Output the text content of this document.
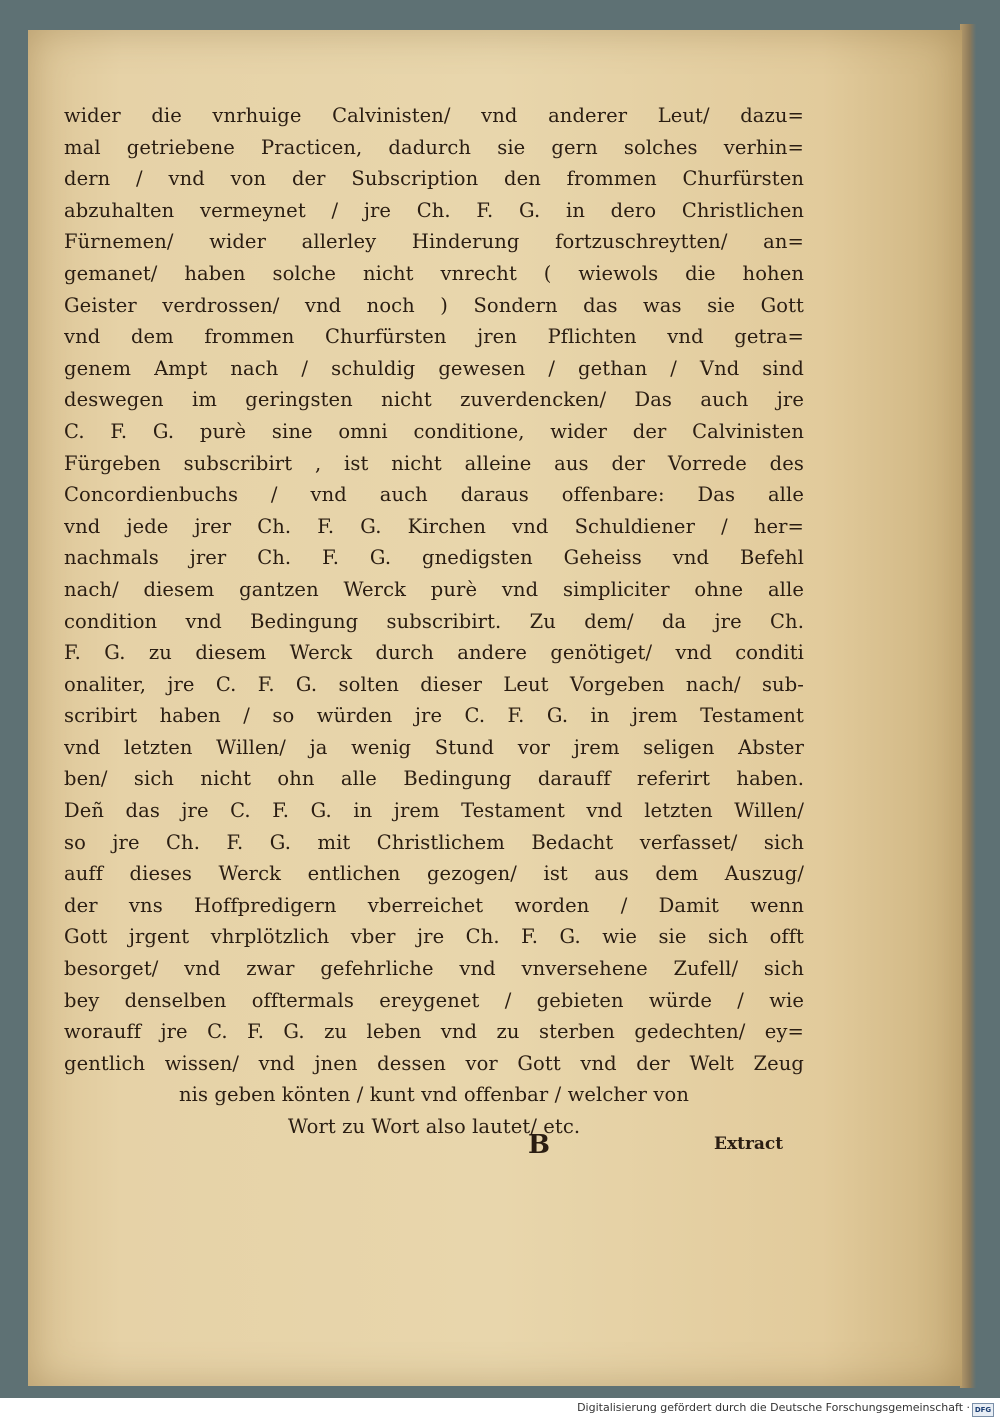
wider die vnrhuige Calvinisten/ vnd anderer Leut/ dazu=
mal getriebene Practicen, dadurch sie gern solches verhin=
dern / vnd von der Subscription den frommen Churfürsten
abzuhalten vermeynet / jre Ch. F. G. in dero Christlichen
Fürnemen/ wider allerley Hinderung fortzuschreytten/ an=
gemanet/ haben solche nicht vnrecht ( wiewols die hohen
Geister verdrossen/ vnd noch ) Sondern das was sie Gott
vnd dem frommen Churfürsten jren Pflichten vnd getra=
genem Ampt nach / schuldig gewesen / gethan / Vnd sind
deswegen im geringsten nicht zuverdencken/ Das auch jre
C. F. G. purè sine omni conditione, wider der Calvinisten
Fürgeben subscribirt , ist nicht alleine aus der Vorrede des
Concordienbuchs / vnd auch daraus offenbare: Das alle
vnd jede jrer Ch. F. G. Kirchen vnd Schuldiener / her=
nachmals jrer Ch. F. G. gnedigsten Geheiss vnd Befehl
nach/ diesem gantzen Werck purè vnd simpliciter ohne alle
condition vnd Bedingung subscribirt. Zu dem/ da jre Ch.
F. G. zu diesem Werck durch andere genötiget/ vnd conditi
onaliter, jre C. F. G. solten dieser Leut Vorgeben nach/ sub-
scribirt haben / so würden jre C. F. G. in jrem Testament
vnd letzten Willen/ ja wenig Stund vor jrem seligen Abster
ben/ sich nicht ohn alle Bedingung darauff referirt haben.
Deñ das jre C. F. G. in jrem Testament vnd letzten Willen/
so jre Ch. F. G. mit Christlichem Bedacht verfasset/ sich
auff dieses Werck entlichen gezogen/ ist aus dem Auszug/
der vns Hoffpredigern vberreichet worden / Damit wenn
Gott jrgent vhrplötzlich vber jre Ch. F. G. wie sie sich offt
besorget/ vnd zwar gefehrliche vnd vnversehene Zufell/ sich
bey denselben offtermals ereygenet / gebieten würde / wie
worauff jre C. F. G. zu leben vnd zu sterben gedechten/ ey=
gentlich wissen/ vnd jnen dessen vor Gott vnd der Welt Zeug
nis geben könten / kunt vnd offenbar / welcher von
Wort zu Wort also lautet/ etc.
B	Extract
Digitalisierung gefördert durch die Deutsche Forschungsgemeinschaft · DFG
